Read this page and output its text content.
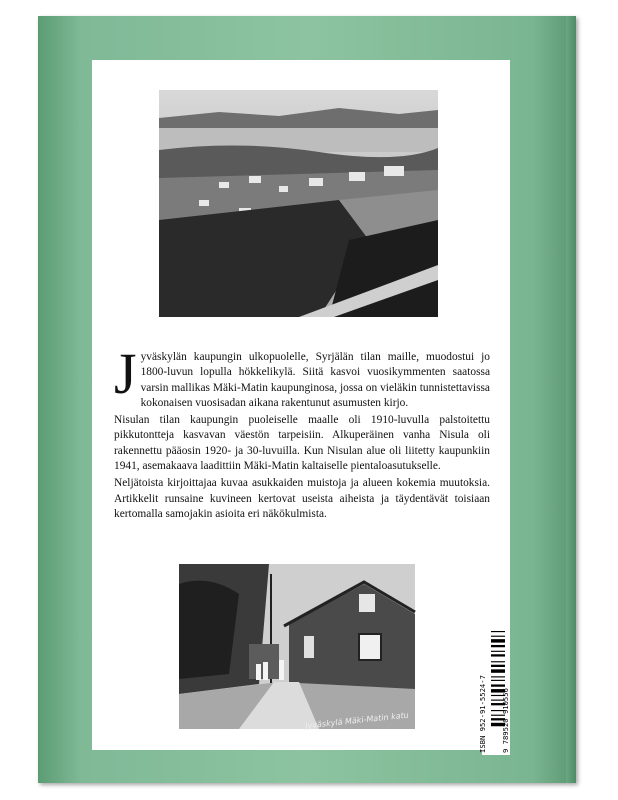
Jyväskylän kaupungin ulkopuolelle, Syrjälän tilan maille, muodostui jo 1800-luvun lopulla hökkelikylä. Siitä kasvoi vuosikymmenten saatossa varsin mallikas Mäki-Matin kaupunginosa, jossa on vieläkin tunnistettavissa kokonaisen vuosisadan aikana rakentunut asumusten kirjo.

Nisulan tilan kaupungin puoleiselle maalle oli 1910-luvulla palstoitettu pikkutontteja kasvavan väestön tarpeisiin. Alkuperäinen vanha Nisula oli rakennettu pääosin 1920- ja 30-luvuilla. Kun Nisulan alue oli liitetty kaupunkiin 1941, asemakaava laadittiin Mäki-Matin kaltaiselle pientaloasutukselle.

Neljätoista kirjoittajaa kuvaa asukkaiden muistoja ja alueen kokemia muutoksia. Artikkelit runsaine kuvineen kertovat useista aiheista ja täydentävät toisiaan kertomalla samojakin asioita eri näkökulmista.

Jyväskylä Mäki-Matin katu	ISBN 952-91-5524-7 9 789520 910556
